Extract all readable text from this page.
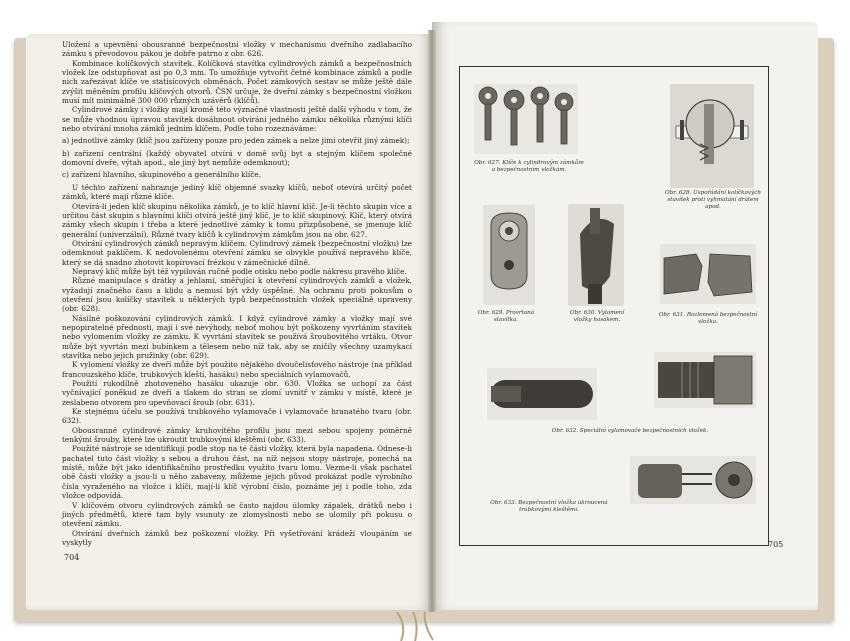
Uložení a upevnění obousranné bezpečnostní vložky v mechanismu dveřního zadlabacího zámku s převodovou pákou je dobře patrno z obr. 626.

Kombinace kolíčkových stavítek. Kolíčková stavítka cylindrových zámků a bezpečnostních vložek lze odstupňovat asi po 0,3 mm. To umožňuje vytvořit četné kombinace zámků a podle nich zařezávat klíče ve statisícových obměnách. Počet zámkových sestav se může ještě dále zvýšit měněním profilu klíčových otvorů. ČSN určuje, že dveřní zámky s bezpečnostní vložkou musí mít minimálně 300 000 různých uzávěrů (klíčů).

Cylindrové zámky i vložky mají kromě této význačné vlastnosti ještě další výhodu v tom, že se může vhodnou úpravou stavítek dosáhnout otvírání jedného zámku několika různými klíči nebo otvírání mnoha zámků jedním klíčem. Podle toho rozeznáváme:

a) jednotlivé zámky (klíč jsou zařízeny pouze pro jeden zámek a nelze jimi otevřít jiný zámek);

b) zařízení centrální (každý obyvatel otvírá v domě svůj byt a stejným klíčem společné domovní dveře, výtah apod., ale jiný byt nemůže odemknout);

c) zařízení hlavního, skupinového a generálního klíče.

U těchto zařízení nahrazuje jediný klíč objemné svazky klíčů, neboť otevírá určitý počet zámků, které mají různé klíče.

Otevírá-li jeden klíč skupinu několika zámků, je to klíč hlavní klíč. Je-li těchto skupin více a určitou část skupin s hlavními klíči otvírá ještě jiný klíč, je to klíč skupinový. Klíč, který otvírá zámky všech skupin i třeba a které jednotlivé zámky k tomu přizpůsobené, se jmenuje klíč generální (univerzální). Různé tvary klíčů k cylindrovým zámkům jsou na obr. 627.

Otvírání cylindrových zámků nepravým klíčem. Cylindrový zámek (bezpečnostní vložku) lze odemknout paklíčem. K nedovolenému otevření zámku se obvykle používá nepravého klíče, který se dá snadno zhotovit kopírovací frézkou v zámečnické dílně.

Nepravý klíč může být též vypilován ručně podle otisku nebo podle nákresu pravého klíče.

Různé manipulace s drátky a jehlami, směřující k otevření cylindrových zámků a vložek, vyžadují značného času a klidu a nemusí být vždy úspěšné. Na ochranu proti pokusům o otevření jsou kolíčky stavítek u některých typů bezpečnostních vložek speciálně upraveny (obr. 628).

Násilné poškozování cylindrových zámků. I když cylindrové zámky a vložky mají své nepopiratelné přednosti, mají i své nevýhody, neboť mohou být poškozeny vyvrtáním stavítek nebo vylomením vložky ze zámku. K vyvrtání stavítek se používá šroubovitého vrtáku. Otvor může být vyvrtán mezi bubínkem a tělesem nebo níž tak, aby se zničily všechny uzamykací stavítka nebo jejich pružinky (obr. 629).

K vylomení vložky ze dveří může být použito nějakého dvoučelisťového nástroje (na příklad francouzského klíče, trubkových kleští, hasáku) nebo speciálních vylamovačů.

Použití rukodílně zhotoveného hasáku ukazuje obr. 630. Vložka se uchopí za část vyčnívající poněkud ze dveří a tlakem do stran se zlomí uvnitř v zámku v místě, které je zeslabeno otvorem pro upevňovací šroub (obr. 631).

Ke stejnému účelu se používá trubkového vylamovače i vylamovače hranatého tvaru (obr. 632).

Obousranné cylindrové zámky kruhovitého profilu jsou mezi sebou spojeny poměrně tenkými šrouby, které lze ukroutit trubkovými kleštěmi (obr. 633).

Použité nástroje se identifikují podle stop na té části vložky, která byla napadena. Odnese-li pachatel tuto část vložky s sebou a druhou část, na níž nejsou stopy nástroje, ponechá na místě, může být jako identifikačního prostředku využito tvaru lomu. Vezme-li však pachatel obě části vložky a jsou-li u něho zabaveny, můžeme jejich původ prokázat podle výrobního čísla vyraženého na vložce i klíči, mají-li klíč výrobní číslo, poznáme jej i podle toho, zda vložce odpovídá.

V klíčovém otvoru cylindrových zámků se často najdou úlomky zápalek, drátků nebo i jiných předmětů, které tam byly vsunuty ze zlomyslnosti nebo se ulomily při pokusu o otevření zámku.

Otvírání dveřních zámků bez poškození vložky. Při vyšetřování krádeží vloupáním se vyskytly

704
Obr. 627. Klíče k cylindrovým zámkům a bezpečnostním vložkám.
Obr. 628. Uspořádání kolíčkových stavítek proti vyhmatání drátem apod.
Obr. 629. Provrtaná stavítka.
Obr. 630. Vylomení vložky hasákem.
Obr. 631. Rozlomená bezpečnostní vložka.
Obr. 632. Speciální vylamovače bezpečnostních vložek.
Obr. 633. Bezpečnostní vložka ukroucená trubkovými kleštěmi.
705
